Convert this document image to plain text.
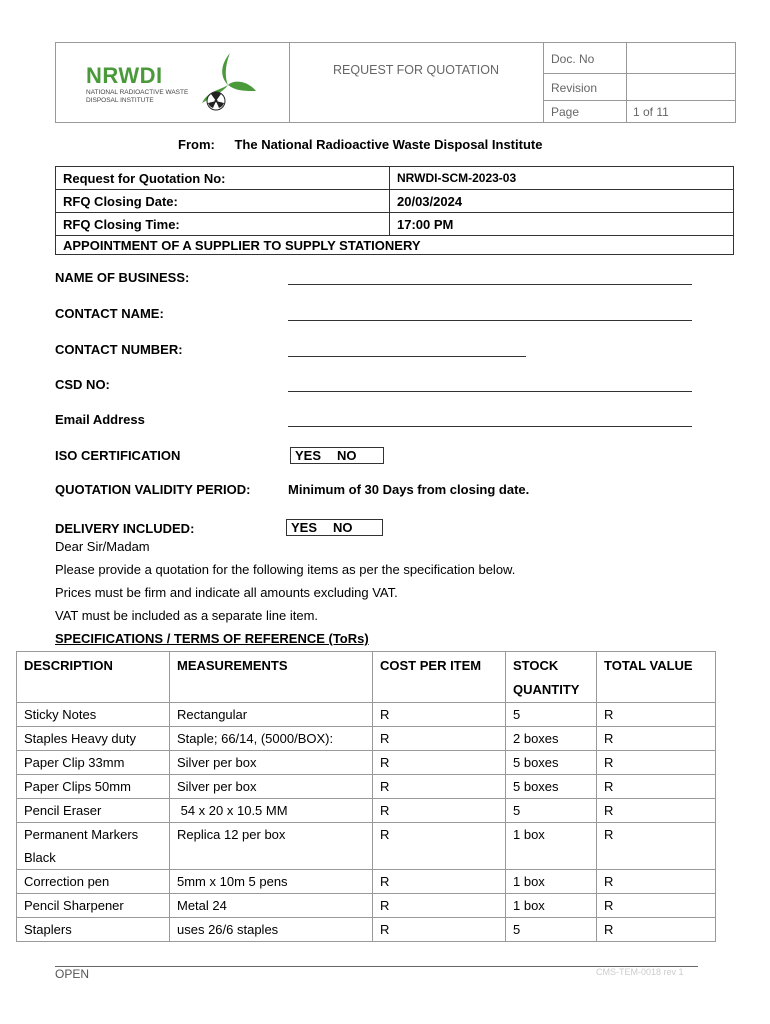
NRWDI
NATIONAL RADIOACTIVE WASTE
DISPOSAL INSTITUTE
REQUEST FOR QUOTATION
Doc. No
Revision
Page	1 of 11
From: The National Radioactive Waste Disposal Institute
Request for Quotation No:	NRWDI-SCM-2023-03
RFQ Closing Date:	20/03/2024
RFQ Closing Time:	17:00 PM
APPOINTMENT OF A SUPPLIER TO SUPPLY STATIONERY	
NAME OF BUSINESS:
CONTACT NAME:
CONTACT NUMBER:
CSD NO:
Email Address
ISO CERTIFICATION	YES NO
QUOTATION VALIDITY PERIOD:	Minimum of 30 Days from closing date.
DELIVERY INCLUDED:	YES NO
Dear Sir/Madam
Please provide a quotation for the following items as per the specification below.
Prices must be firm and indicate all amounts excluding VAT.
VAT must be included as a separate line item.
SPECIFICATIONS / TERMS OF REFERENCE (ToRs)
DESCRIPTION	MEASUREMENTS	COST PER ITEM	STOCK QUANTITY	TOTAL VALUE
Sticky Notes	Rectangular	R	5	R
Staples Heavy duty	Staple; 66/14, (5000/BOX):	R	2 boxes	R
Paper Clip 33mm	Silver per box	R	5 boxes	R
Paper Clips 50mm	Silver per box	R	5 boxes	R
Pencil Eraser	54 x 20 x 10.5 MM	R	5	R
Permanent Markers Black	Replica 12 per box	R	1 box	R
Correction pen	5mm x 10m 5 pens	R	1 box	R
Pencil Sharpener	Metal 24	R	1 box	R
Staplers	uses 26/6 staples	R	5	R
OPEN	CMS-TEM-0018 rev 1
